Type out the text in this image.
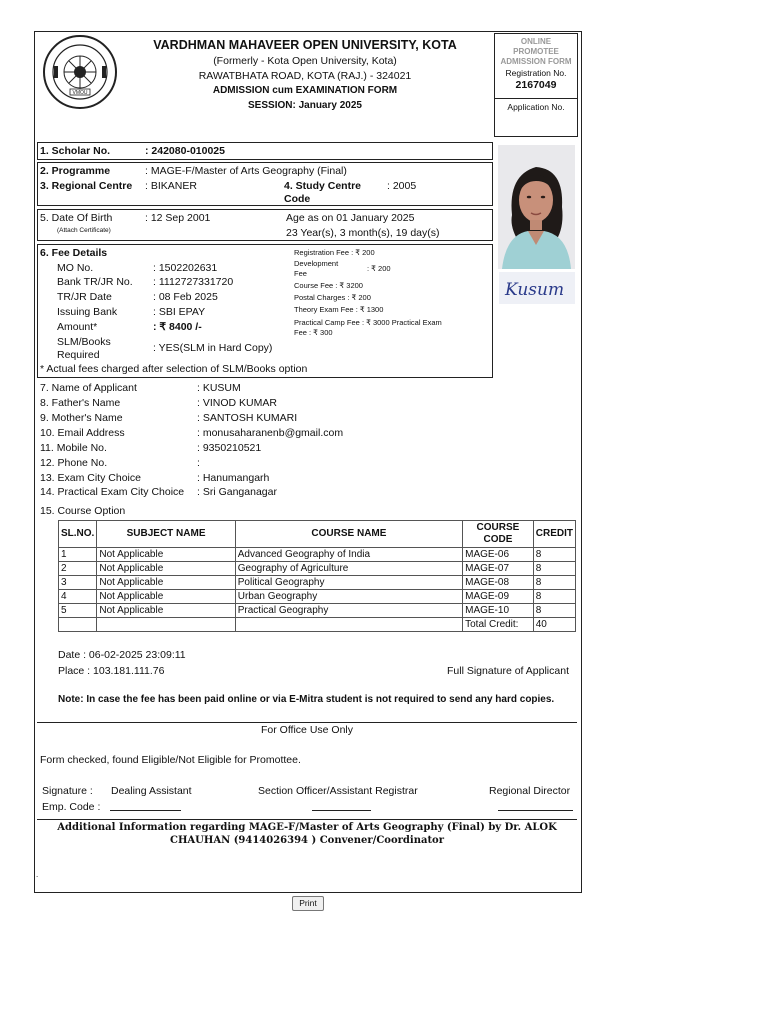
VMOU
VARDHMAN MAHAVEER OPEN UNIVERSITY, KOTA
(Formerly - Kota Open University, Kota)
RAWATBHATA ROAD, KOTA (RAJ.) - 324021
ADMISSION cum EXAMINATION FORM
SESSION: January 2025
ONLINE
PROMOTEE
ADMISSION FORM
Registration No.
2167049
Application No.
1. Scholar No.	: 242080-010025
2. Programme	: MAGE-F/Master of Arts Geography (Final)
3. Regional Centre : BIKANER	4. Study Centre
Code
: 2005
5. Date Of Birth
(Attach Certificate)
: 12 Sep 2001	Age as on 01 January 2025
23 Year(s), 3 month(s), 19 day(s)
6. Fee Details
MO No.	: 1502202631
Bank TR/JR No. : 1112727331720
TR/JR Date	: 08 Feb 2025
Issuing Bank	: SBI EPAY
Amount*	: ₹ 8400 /-
SLM/Books
Required
: YES(SLM in Hard Copy)
* Actual fees charged after selection of SLM/Books option
Registration Fee : ₹ 200
Development
Fee
: ₹ 200
Course Fee : ₹ 3200
Postal Charges : ₹ 200
Theory Exam Fee : ₹ 1300
Practical Camp Fee : ₹ 3000 Practical Exam
Fee : ₹ 300
Kusum
7. Name of Applicant	: KUSUM
8. Father's Name	: VINOD KUMAR
9. Mother's Name	: SANTOSH KUMARI
10. Email Address	: monusaharanenb@gmail.com
11. Mobile No.	: 9350210521
12. Phone No.	:
13. Exam City Choice	: Hanumangarh
14. Practical Exam City Choice : Sri Ganganagar
15. Course Option
SL.NO.	SUBJECT NAME	COURSE NAME	COURSE
CODE	CREDIT
1	Not Applicable	Advanced Geography of India	MAGE-06	8
2	Not Applicable	Geography of Agriculture	MAGE-07	8
3	Not Applicable	Political Geography	MAGE-08	8
4	Not Applicable	Urban Geography	MAGE-09	8
5	Not Applicable	Practical Geography	MAGE-10	8
			Total Credit:	40
Date : 06-02-2025 23:09:11
Place : 103.181.111.76	Full Signature of Applicant
Note: In case the fee has been paid online or via E-Mitra student is not required to send any hard copies.
For Office Use Only
Form checked, found Eligible/Not Eligible for Promottee.
Signature :
Emp. Code :
Dealing Assistant	Section Officer/Assistant Registrar	Regional Director
Additional Information regarding MAGE-F/Master of Arts Geography (Final) by Dr. ALOK
CHAUHAN (9414026394 ) Convener/Coordinator
.
Print
